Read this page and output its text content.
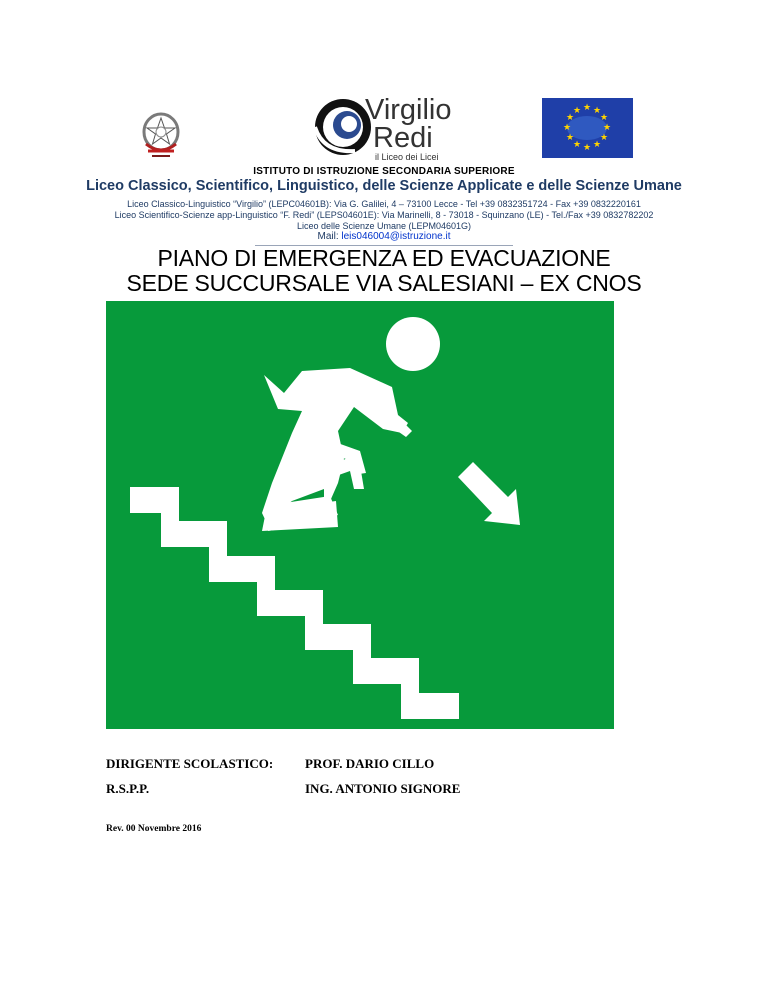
Virgilio
Redi
il Liceo dei Licei
★ ★
★
★
★
★
★
★
★
★
★
★
ISTITUTO DI ISTRUZIONE SECONDARIA SUPERIORE
Liceo Classico, Scientifico, Linguistico, delle Scienze Applicate e delle Scienze Umane
Liceo Classico-Linguistico “Virgilio” (LEPC04601B): Via G. Galilei, 4 – 73100 Lecce - Tel +39 0832351724 - Fax +39 0832220161
Liceo Scientifico-Scienze app-Linguistico “F. Redi” (LEPS04601E): Via Marinelli, 8 - 73018 - Squinzano (LE) - Tel./Fax +39 0832782202
Liceo delle Scienze Umane (LEPM04601G)
Mail: leis046004@istruzione.it
PIANO DI EMERGENZA ED EVACUAZIONE
SEDE SUCCURSALE VIA SALESIANI – EX CNOS
DIRIGENTE SCOLASTICO: PROF. DARIO CILLO
R.S.P.P.	ING. ANTONIO SIGNORE
Rev. 00 Novembre 2016
